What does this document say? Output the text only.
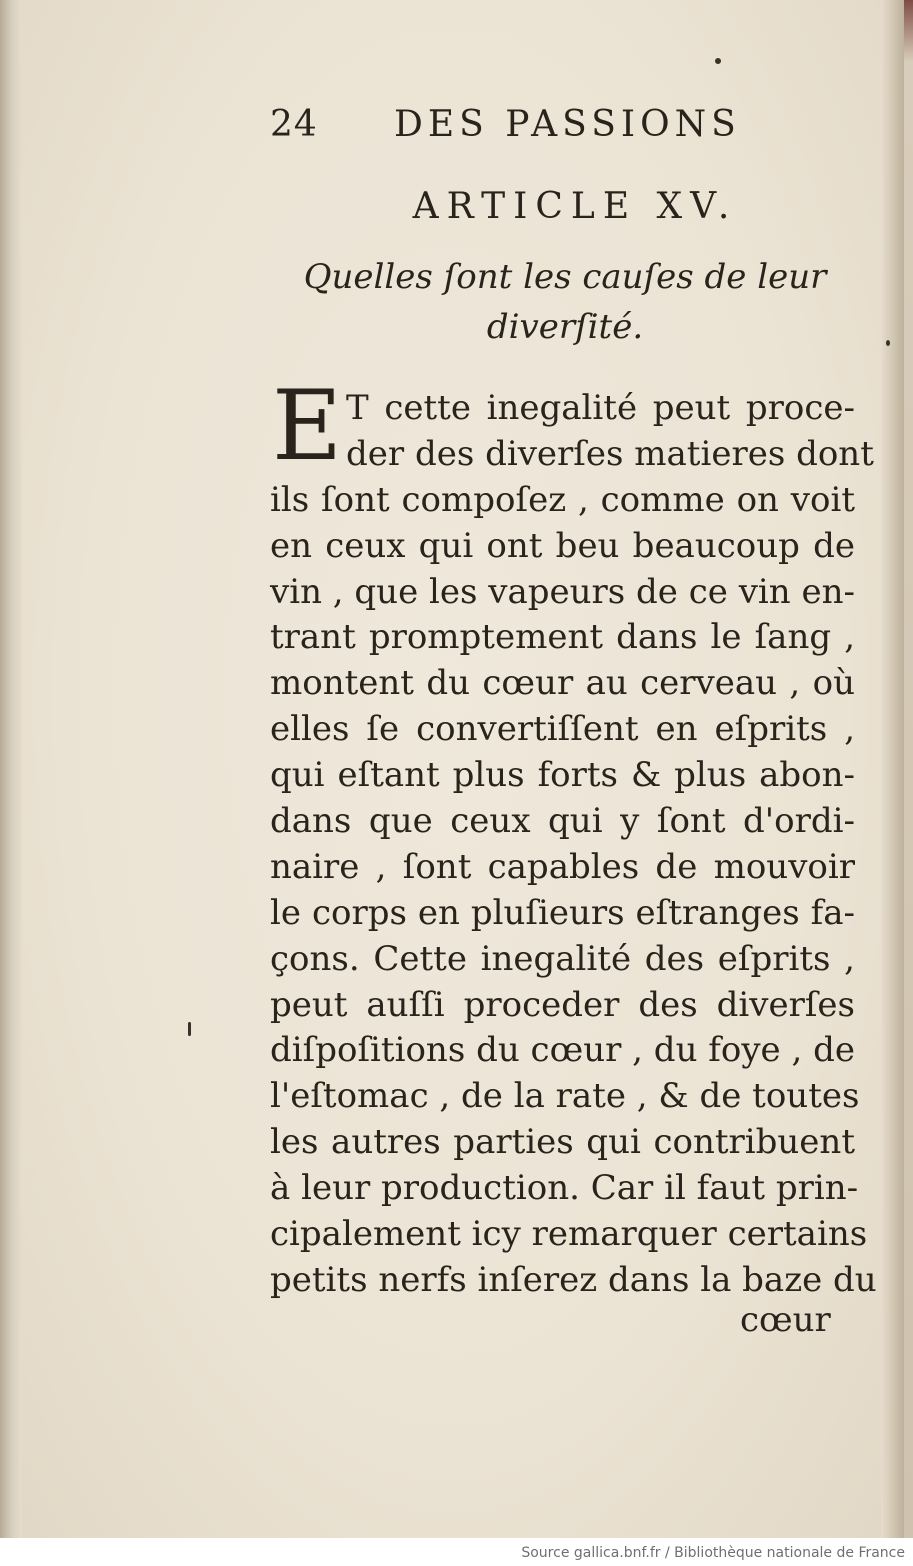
24 DES PASSIONS
ARTICLE XV.
Quelles ſont les cauſes de leur
diverſité.
E T cette inegalité peut proce-
der des diverſes matieres dont
ils ſont compoſez , comme on voit
en ceux qui ont beu beaucoup de
vin , que les vapeurs de ce vin en-
trant promptement dans le ſang ,
montent du cœur au cerveau , où
elles ſe convertiſſent en eſprits ,
qui eſtant plus forts & plus abon-
dans que ceux qui y ſont d'ordi-
naire , ſont capables de mouvoir
le corps en pluſieurs eſtranges fa-
çons. Cette inegalité des eſprits ,
peut auſſi proceder des diverſes
diſpoſitions du cœur , du foye , de
l'eſtomac , de la rate , & de toutes
les autres parties qui contribuent
à leur production. Car il faut prin-
cipalement icy remarquer certains
petits nerfs inſerez dans la baze du
cœur
Source gallica.bnf.fr / Bibliothèque nationale de France
